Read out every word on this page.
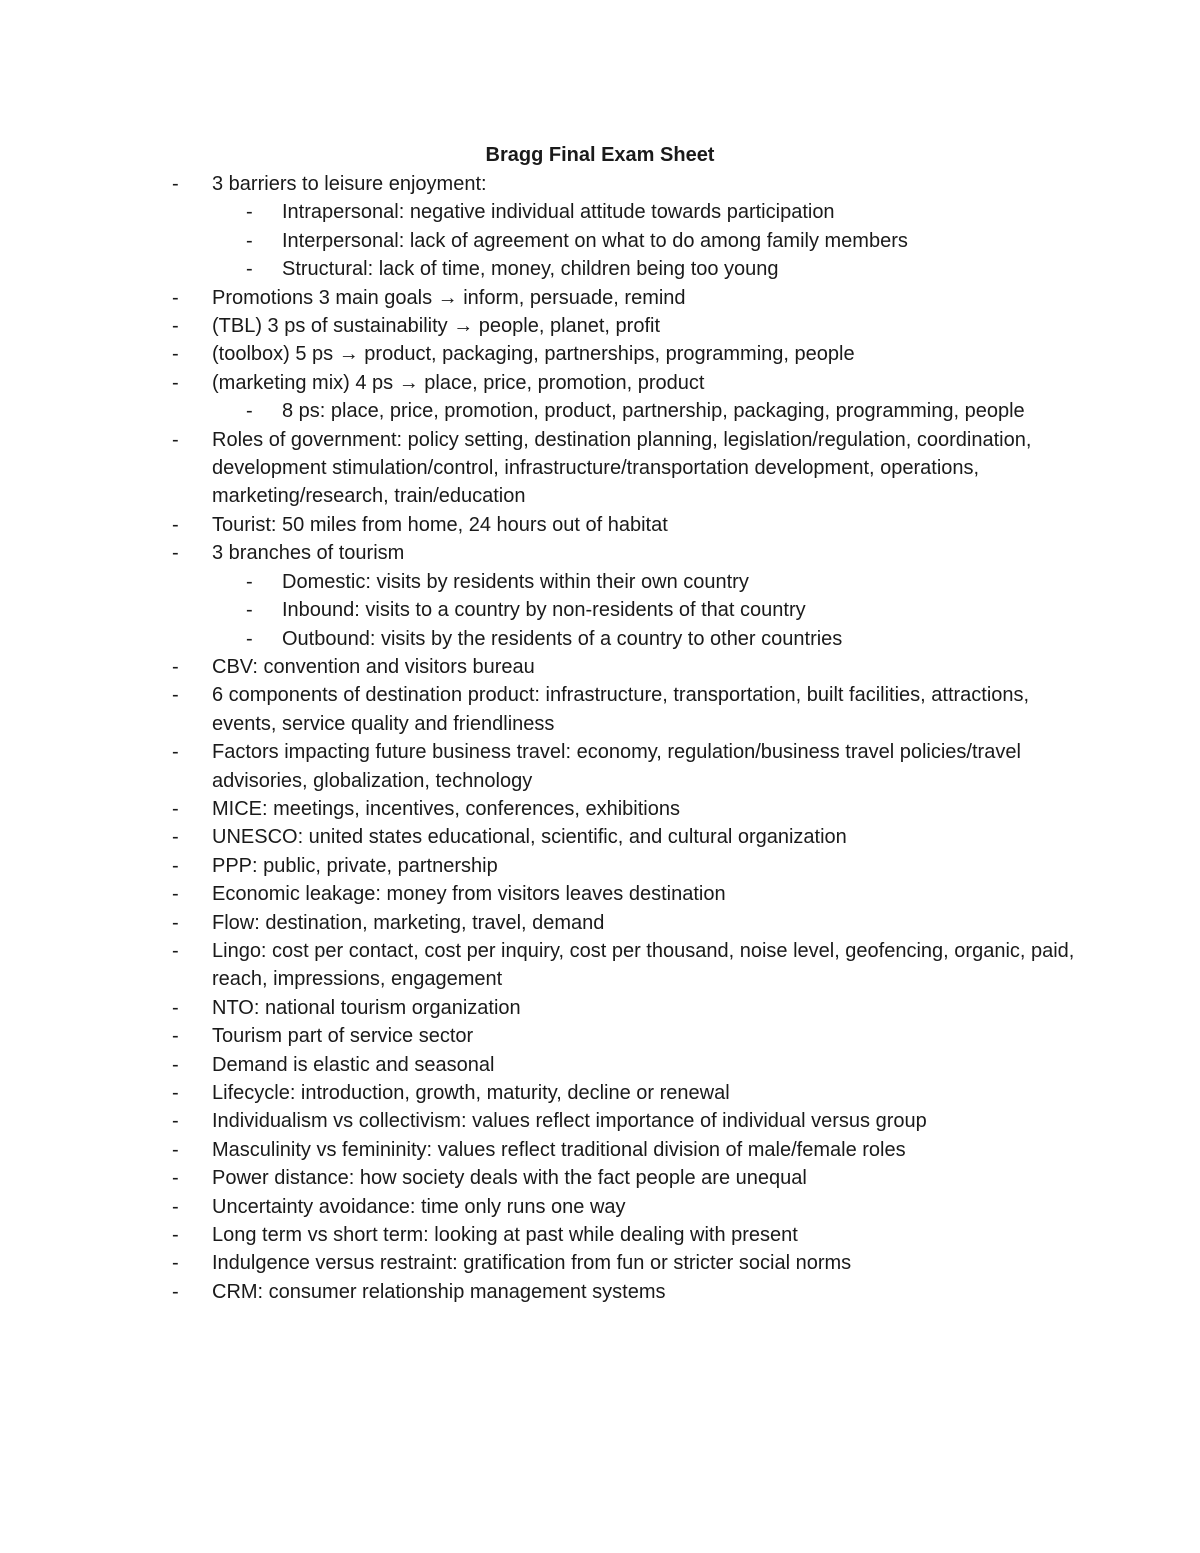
Bragg Final Exam Sheet
- 3 barriers to leisure enjoyment:
- Intrapersonal: negative individual attitude towards participation
- Interpersonal: lack of agreement on what to do among family members
- Structural: lack of time, money, children being too young
- Promotions 3 main goals → inform, persuade, remind
- (TBL) 3 ps of sustainability → people, planet, profit
- (toolbox) 5 ps → product, packaging, partnerships, programming, people
- (marketing mix) 4 ps → place, price, promotion, product
- 8 ps: place, price, promotion, product, partnership, packaging, programming, people
- Roles of government: policy setting, destination planning, legislation/regulation, coordination, development stimulation/control, infrastructure/transportation development, operations, marketing/research, train/education
- Tourist: 50 miles from home, 24 hours out of habitat
- 3 branches of tourism
- Domestic: visits by residents within their own country
- Inbound: visits to a country by non-residents of that country
- Outbound: visits by the residents of a country to other countries
- CBV: convention and visitors bureau
- 6 components of destination product: infrastructure, transportation, built facilities, attractions, events, service quality and friendliness
- Factors impacting future business travel: economy, regulation/business travel policies/travel advisories, globalization, technology
- MICE: meetings, incentives, conferences, exhibitions
- UNESCO: united states educational, scientific, and cultural organization
- PPP: public, private, partnership
- Economic leakage: money from visitors leaves destination
- Flow: destination, marketing, travel, demand
- Lingo: cost per contact, cost per inquiry, cost per thousand, noise level, geofencing, organic, paid, reach, impressions, engagement
- NTO: national tourism organization
- Tourism part of service sector
- Demand is elastic and seasonal
- Lifecycle: introduction, growth, maturity, decline or renewal
- Individualism vs collectivism: values reflect importance of individual versus group
- Masculinity vs femininity: values reflect traditional division of male/female roles
- Power distance: how society deals with the fact people are unequal
- Uncertainty avoidance: time only runs one way
- Long term vs short term: looking at past while dealing with present
- Indulgence versus restraint: gratification from fun or stricter social norms
- CRM: consumer relationship management systems
